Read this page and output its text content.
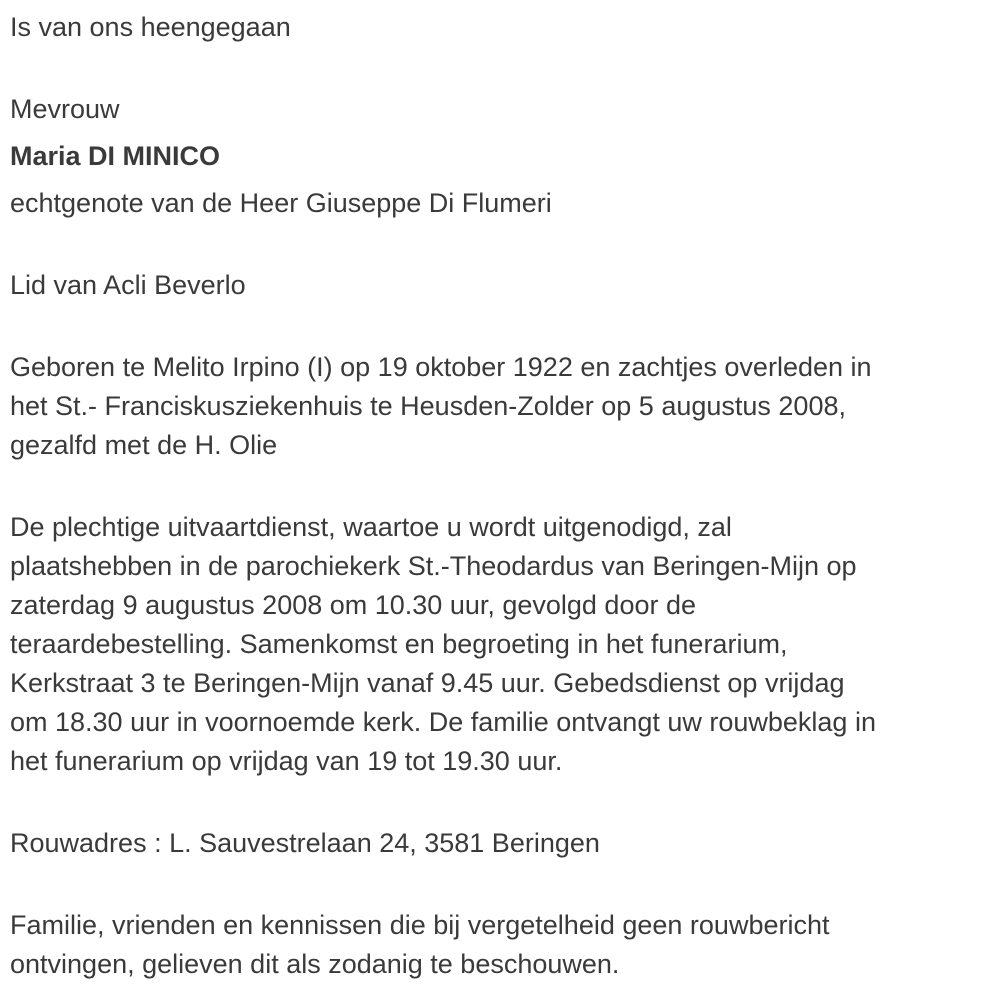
Is van ons heengegaan

Mevrouw

Maria DI MINICO

echtgenote van de Heer Giuseppe Di Flumeri

Lid van Acli Beverlo

Geboren te Melito Irpino (I) op 19 oktober 1922 en zachtjes overleden in
het St.- Franciskusziekenhuis te Heusden-Zolder op 5 augustus 2008,
gezalfd met de H. Olie

De plechtige uitvaartdienst, waartoe u wordt uitgenodigd, zal
plaatshebben in de parochiekerk St.-Theodardus van Beringen-Mijn op
zaterdag 9 augustus 2008 om 10.30 uur, gevolgd door de
teraardebestelling. Samenkomst en begroeting in het funerarium,
Kerkstraat 3 te Beringen-Mijn vanaf 9.45 uur. Gebedsdienst op vrijdag
om 18.30 uur in voornoemde kerk. De familie ontvangt uw rouwbeklag in
het funerarium op vrijdag van 19 tot 19.30 uur.

Rouwadres : L. Sauvestrelaan 24, 3581 Beringen

Familie, vrienden en kennissen die bij vergetelheid geen rouwbericht
ontvingen, gelieven dit als zodanig te beschouwen.
